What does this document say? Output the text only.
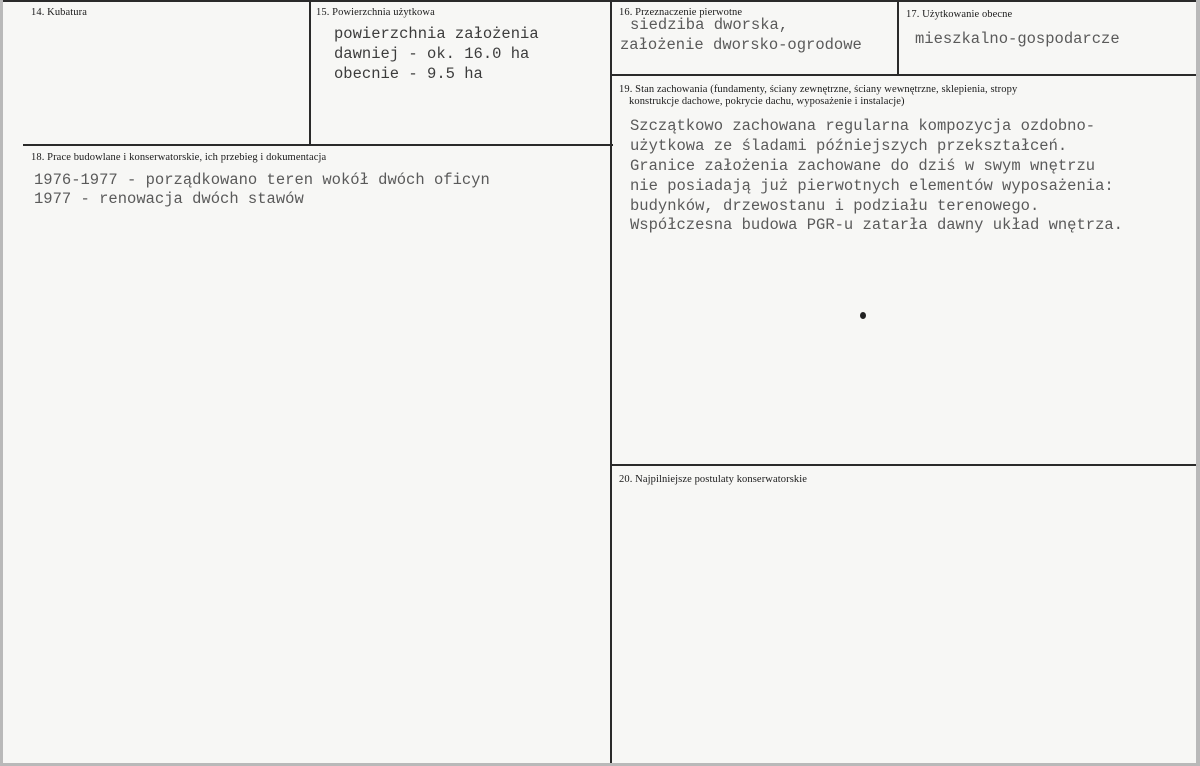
14. Kubatura	15. Powierzchnia użytkowa
powierzchnia założenia
dawniej - ok. 16.0 ha
obecnie - 9.5 ha
16. Przeznaczenie pierwotne
siedziba dworska,
założenie dworsko-ogrodowe
17. Użytkowanie obecne
mieszkalno-gospodarcze
18. Prace budowlane i konserwatorskie, ich przebieg i dokumentacja
1976-1977 - porządkowano teren wokół dwóch oficyn
1977 - renowacja dwóch stawów
19. Stan zachowania (fundamenty, ściany zewnętrzne, ściany wewnętrzne, sklepienia, stropy
konstrukcje dachowe, pokrycie dachu, wyposażenie i instalacje)
Szczątkowo zachowana regularna kompozycja ozdobno-
użytkowa ze śladami późniejszych przekształceń.
Granice założenia zachowane do dziś w swym wnętrzu
nie posiadają już pierwotnych elementów wyposażenia:
budynków, drzewostanu i podziału terenowego.
Współczesna budowa PGR-u zatarła dawny układ wnętrza.
20. Najpilniejsze postulaty konserwatorskie
